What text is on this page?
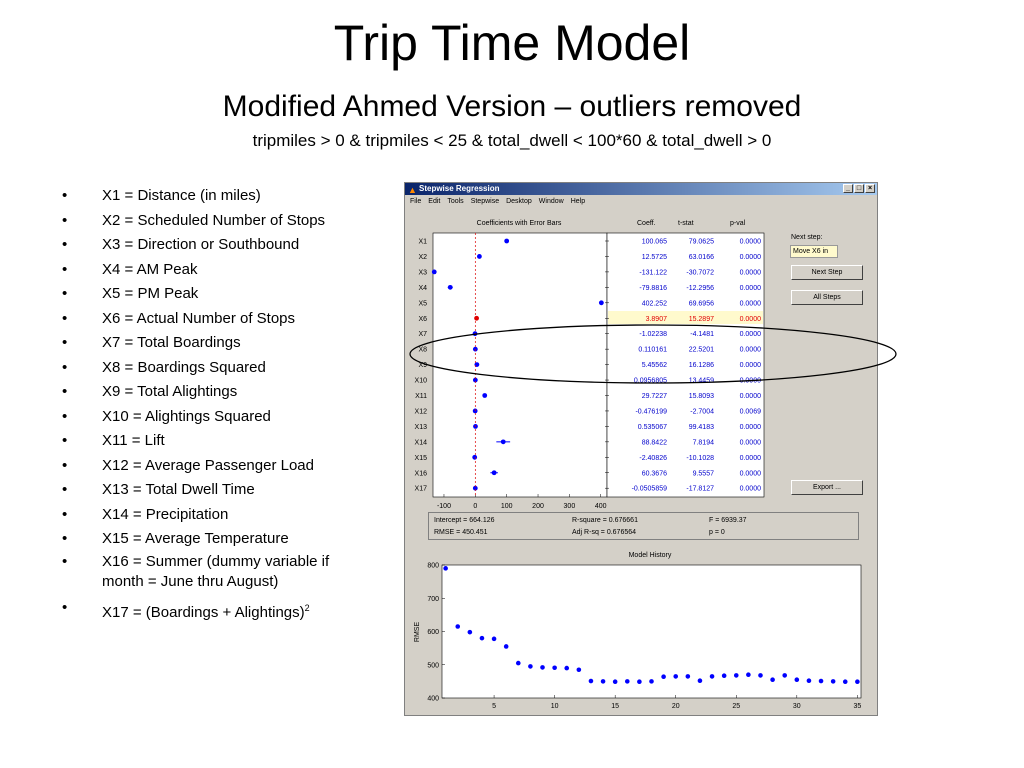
Trip Time Model
Modified Ahmed Version – outliers removed
tripmiles > 0 & tripmiles < 25 & total_dwell < 100*60 & total_dwell > 0
• X1 = Distance (in miles)
• X2 = Scheduled Number of Stops
• X3 = Direction or Southbound
• X4 = AM Peak
• X5 = PM Peak
• X6 = Actual Number of Stops
• X7 = Total Boardings
• X8 = Boardings Squared
• X9 = Total Alightings
• X10 = Alightings Squared
• X11 = Lift
• X12 = Average Passenger Load
• X13 = Total Dwell Time
• X14 = Precipitation
• X15 = Average Temperature
• X16 = Summer (dummy variable if month = June thru August)
• X17 = (Boardings + Alightings)$^2$
▲ Stepwise Regression	_ □ ×
File Edit Tools Stepwise Desktop Window Help
Coefficients with Error Bars	Coeff.	t-stat	p-val
X1	100.065	79.0625	0.0000
X2	12.5725	63.0166	0.0000
X3	-131.122	-30.7072	0.0000
X4	-79.8816	-12.2956	0.0000
X5	402.252	69.6956	0.0000
X6	3.8907	15.2897	0.0000
X7	-1.02238	-4.1481	0.0000
X8	0.110161	22.5201	0.0000
X9	5.45562	16.1286	0.0000
X10	0.0956805	13.4459	0.0000
X11	29.7227	15.8093	0.0000
X12	-0.476199	-2.7004	0.0069
X13	0.535067	99.4183	0.0000
X14	88.8422	7.8194	0.0000
X15	-2.40826	-10.1028	0.0000
X16	60.3676	9.5557	0.0000
X17	-0.0505859	-17.8127	0.0000
-100	0	100	200	300	400
Next step:
Move X6 in
Next Step
All Steps
Export ...
Intercept = 664.126	R-square = 0.676661	F = 6939.37
RMSE = 450.451	Adj R-sq = 0.676564	p = 0
Model History
RMSE
5	10	15	20	25	30	35
400
500
600
700
800
